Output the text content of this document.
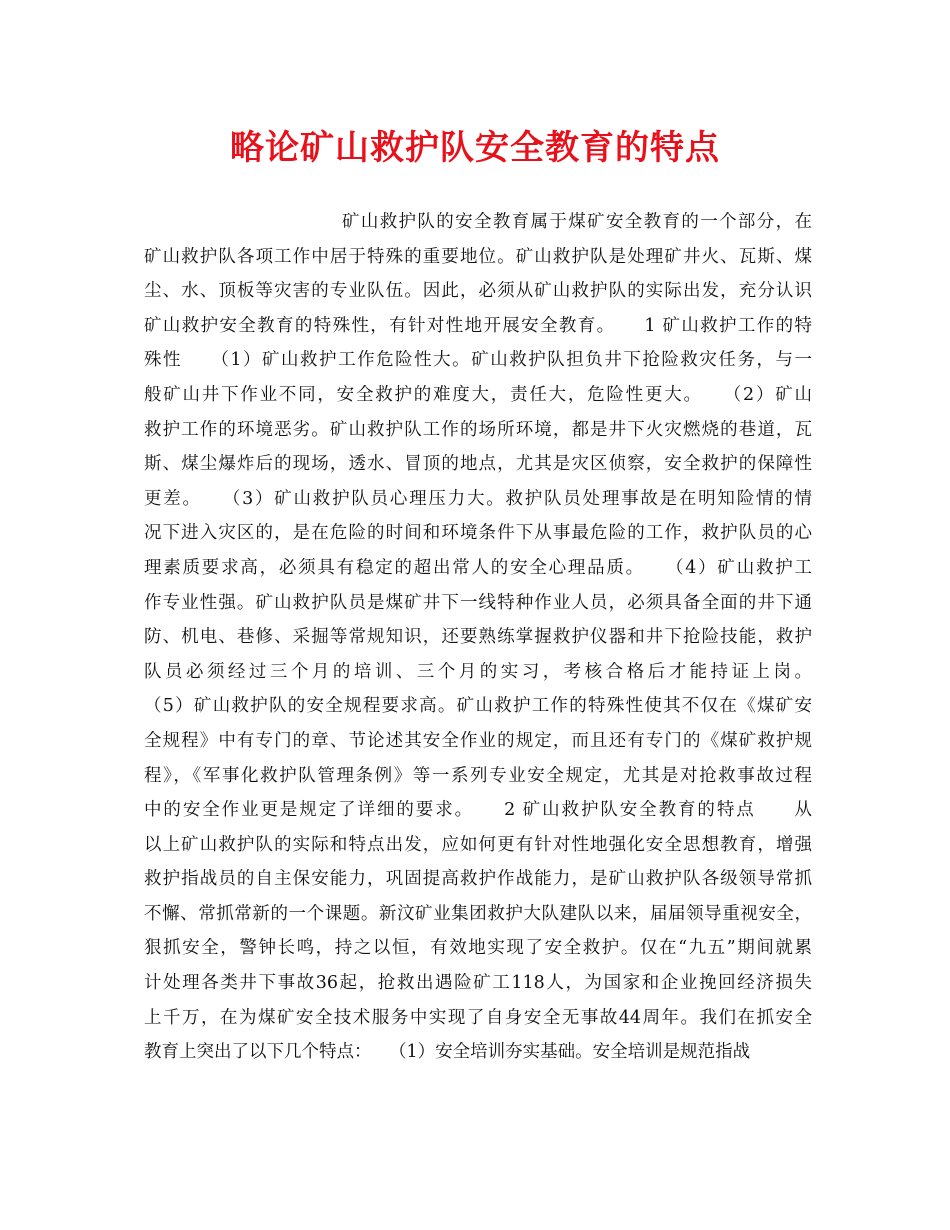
略论矿山救护队安全教育的特点
矿山救护队的安全教育属于煤矿安全教育的一个部分，在
矿山救护队各项工作中居于特殊的重要地位。矿山救护队是处理矿井火、瓦斯、煤
尘、水、顶板等灾害的专业队伍。因此，必须从矿山救护队的实际出发，充分认识
矿山救护安全教育的特殊性，有针对性地开展安全教育。　　1 矿山救护工作的特
殊性　　（1）矿山救护工作危险性大。矿山救护队担负井下抢险救灾任务，与一
般矿山井下作业不同，安全救护的难度大，责任大，危险性更大。　　（2）矿山
救护工作的环境恶劣。矿山救护队工作的场所环境，都是井下火灾燃烧的巷道，瓦
斯、煤尘爆炸后的现场，透水、冒顶的地点，尤其是灾区侦察，安全救护的保障性
更差。　　（3）矿山救护队员心理压力大。救护队员处理事故是在明知险情的情
况下进入灾区的，是在危险的时间和环境条件下从事最危险的工作，救护队员的心
理素质要求高，必须具有稳定的超出常人的安全心理品质。　　（4）矿山救护工
作专业性强。矿山救护队员是煤矿井下一线特种作业人员，必须具备全面的井下通
防、机电、巷修、采掘等常规知识，还要熟练掌握救护仪器和井下抢险技能，救护
队员必须经过三个月的培训、三个月的实习，考核合格后才能持证上岗。
（5）矿山救护队的安全规程要求高。矿山救护工作的特殊性使其不仅在《煤矿安
全规程》中有专门的章、节论述其安全作业的规定，而且还有专门的《煤矿救护规
程》，《军事化救护队管理条例》等一系列专业安全规定，尤其是对抢救事故过程
中的安全作业更是规定了详细的要求。　　2 矿山救护队安全教育的特点　　从
以上矿山救护队的实际和特点出发，应如何更有针对性地强化安全思想教育，增强
救护指战员的自主保安能力，巩固提高救护作战能力，是矿山救护队各级领导常抓
不懈、常抓常新的一个课题。新汶矿业集团救护大队建队以来，届届领导重视安全，
狠抓安全，警钟长鸣，持之以恒，有效地实现了安全救护。仅在“九五”期间就累
计处理各类井下事故36起，抢救出遇险矿工118人，为国家和企业挽回经济损失
上千万，在为煤矿安全技术服务中实现了自身安全无事故44周年。我们在抓安全
教育上突出了以下几个特点：　　（1）安全培训夯实基础。安全培训是规范指战
